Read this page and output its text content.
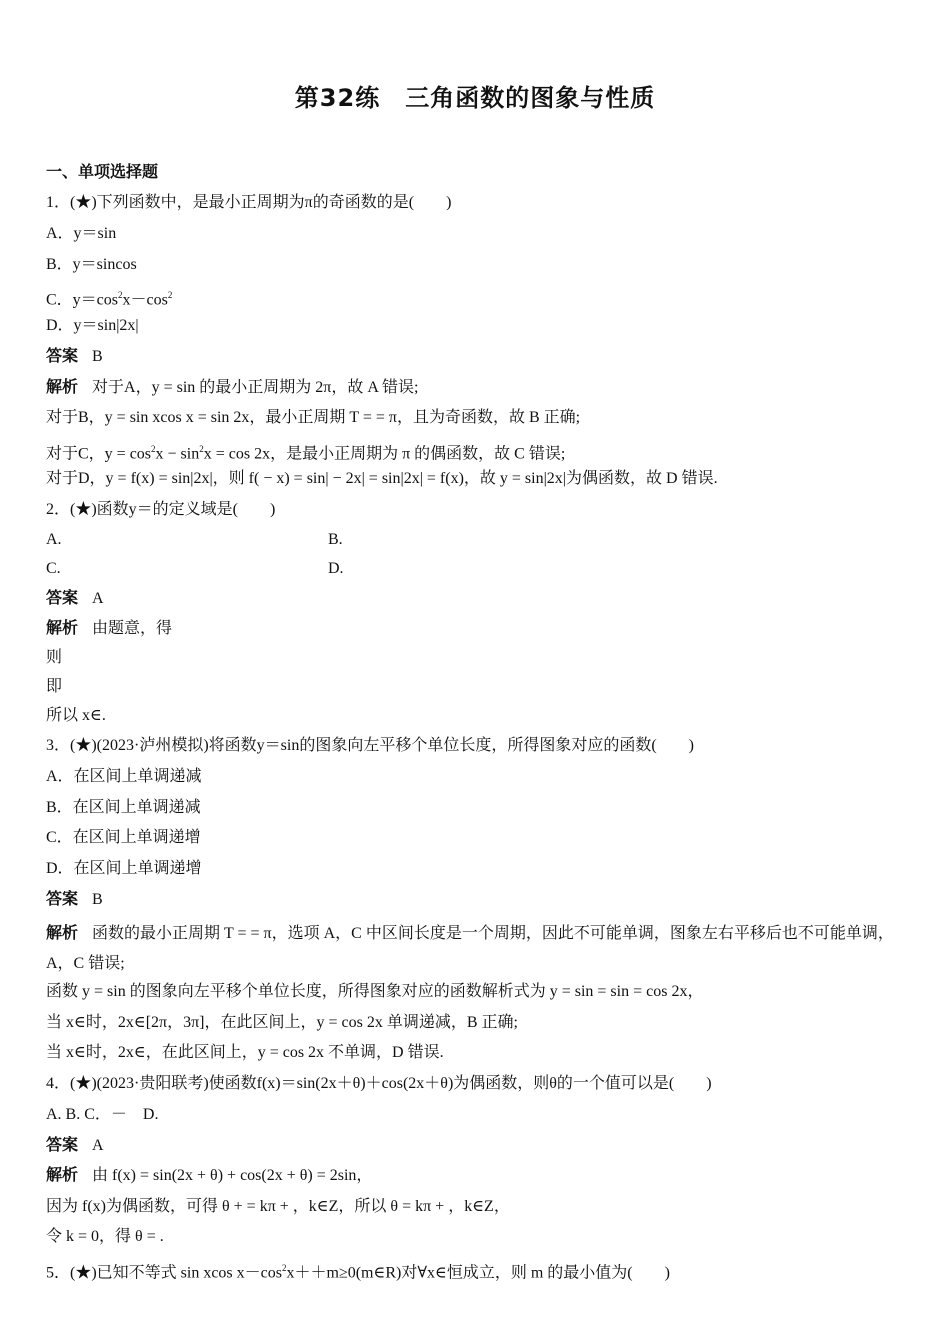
第32练　三角函数的图象与性质
一、单项选择题
1．(★)下列函数中，是最小正周期为π的奇函数的是(　　)
A．y＝sin
B．y＝sincos
C．$y=\cos^2x-\cos^2$
D．y＝sin|2x|
答案 B
解析 对于A，y = sin 的最小正周期为 2π，故 A 错误;
对于B，y = sin xcos x = sin 2x，最小正周期 T = = π，且为奇函数，故 B 正确;
对于C，$y = \cos^2x - \sin^2x = \cos 2x$，是最小正周期为 π 的偶函数，故 C 错误;
对于D，y = f(x) = sin|2x|，则 f( − x) = sin| − 2x| = sin|2x| = f(x)，故 y = sin|2x|为偶函数，故 D 错误.
2．(★)函数y＝的定义域是(　　)
A.	B.
C.	D.
答案 A
解析 由题意，得
则
即
所以 x∈.
3．(★)(2023·泸州模拟)将函数y＝sin的图象向左平移个单位长度，所得图象对应的函数(　　)
A．在区间上单调递减
B．在区间上单调递减
C．在区间上单调递增
D．在区间上单调递增
答案 B
解析 函数的最小正周期 T = = π，选项 A，C 中区间长度是一个周期，因此不可能单调，图象左右平移后也不可能单调，A，C 错误;
函数 y = sin 的图象向左平移个单位长度，所得图象对应的函数解析式为 y = sin = sin = cos 2x，
当 x∈时，2x∈[2π，3π]，在此区间上，y = cos 2x 单调递减，B 正确;
当 x∈时，2x∈，在此区间上，y = cos 2x 不单调，D 错误.
4．(★)(2023·贵阳联考)使函数f(x)＝sin(2x＋θ)＋cos(2x＋θ)为偶函数，则θ的一个值可以是(　　)
A. B. C．－　D.
答案 A
解析 由 f(x) = sin(2x + θ) + cos(2x + θ) = 2sin，
因为 f(x)为偶函数，可得 θ + = kπ + ，k∈Z，所以 θ = kπ + ，k∈Z，
令 k = 0，得 θ = .
5．(★)已知不等式 sin xcos $x-\cos^2x++m\ge 0(m\in R)$对∀x∈恒成立，则 m 的最小值为(　　)
